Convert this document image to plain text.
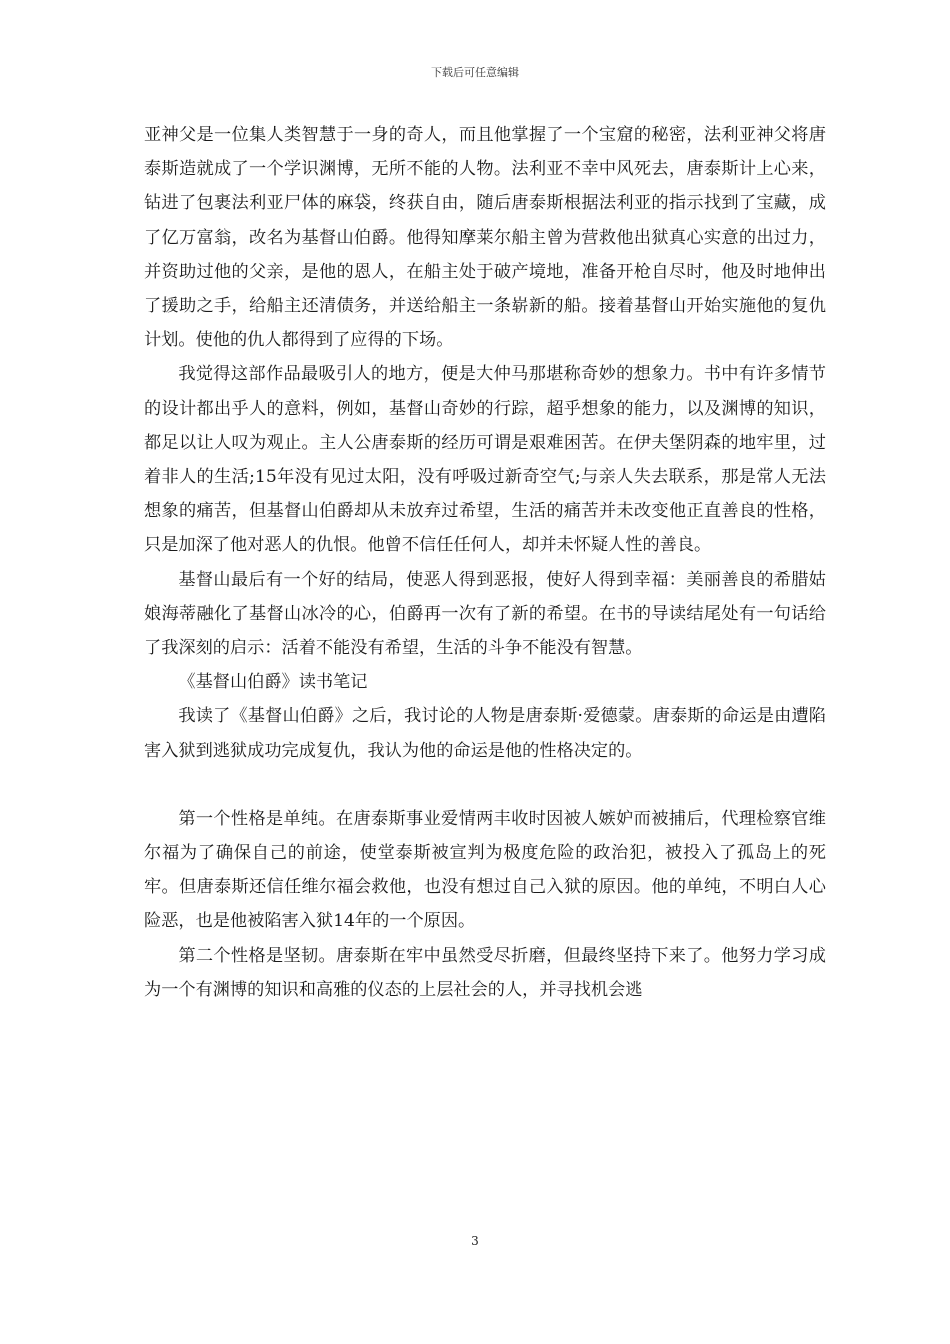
下载后可任意编辑

亚神父是一位集人类智慧于一身的奇人，而且他掌握了一个宝窟的秘密，法利亚神父将唐泰斯造就成了一个学识渊博，无所不能的人物。法利亚不幸中风死去，唐泰斯计上心来，钻进了包裹法利亚尸体的麻袋，终获自由，随后唐泰斯根据法利亚的指示找到了宝藏，成了亿万富翁，改名为基督山伯爵。他得知摩莱尔船主曾为营救他出狱真心实意的出过力，并资助过他的父亲，是他的恩人，在船主处于破产境地，准备开枪自尽时，他及时地伸出了援助之手，给船主还清债务，并送给船主一条崭新的船。接着基督山开始实施他的复仇计划。使他的仇人都得到了应得的下场。

我觉得这部作品最吸引人的地方，便是大仲马那堪称奇妙的想象力。书中有许多情节的设计都出乎人的意料，例如，基督山奇妙的行踪，超乎想象的能力，以及渊博的知识，都足以让人叹为观止。主人公唐泰斯的经历可谓是艰难困苦。在伊夫堡阴森的地牢里，过着非人的生活;15年没有见过太阳，没有呼吸过新奇空气;与亲人失去联系，那是常人无法想象的痛苦，但基督山伯爵却从未放弃过希望，生活的痛苦并未改变他正直善良的性格，只是加深了他对恶人的仇恨。他曾不信任任何人，却并未怀疑人性的善良。

基督山最后有一个好的结局，使恶人得到恶报，使好人得到幸福：美丽善良的希腊姑娘海蒂融化了基督山冰冷的心，伯爵再一次有了新的希望。在书的导读结尾处有一句话给了我深刻的启示：活着不能没有希望，生活的斗争不能没有智慧。

《基督山伯爵》读书笔记

我读了《基督山伯爵》之后，我讨论的人物是唐泰斯·爱德蒙。唐泰斯的命运是由遭陷害入狱到逃狱成功完成复仇，我认为他的命运是他的性格决定的。

第一个性格是单纯。在唐泰斯事业爱情两丰收时因被人嫉妒而被捕后，代理检察官维尔福为了确保自己的前途，使堂泰斯被宣判为极度危险的政治犯，被投入了孤岛上的死牢。但唐泰斯还信任维尔福会救他，也没有想过自己入狱的原因。他的单纯，不明白人心险恶，也是他被陷害入狱14年的一个原因。

第二个性格是坚韧。唐泰斯在牢中虽然受尽折磨，但最终坚持下来了。他努力学习成为一个有渊博的知识和高雅的仪态的上层社会的人，并寻找机会逃

3
